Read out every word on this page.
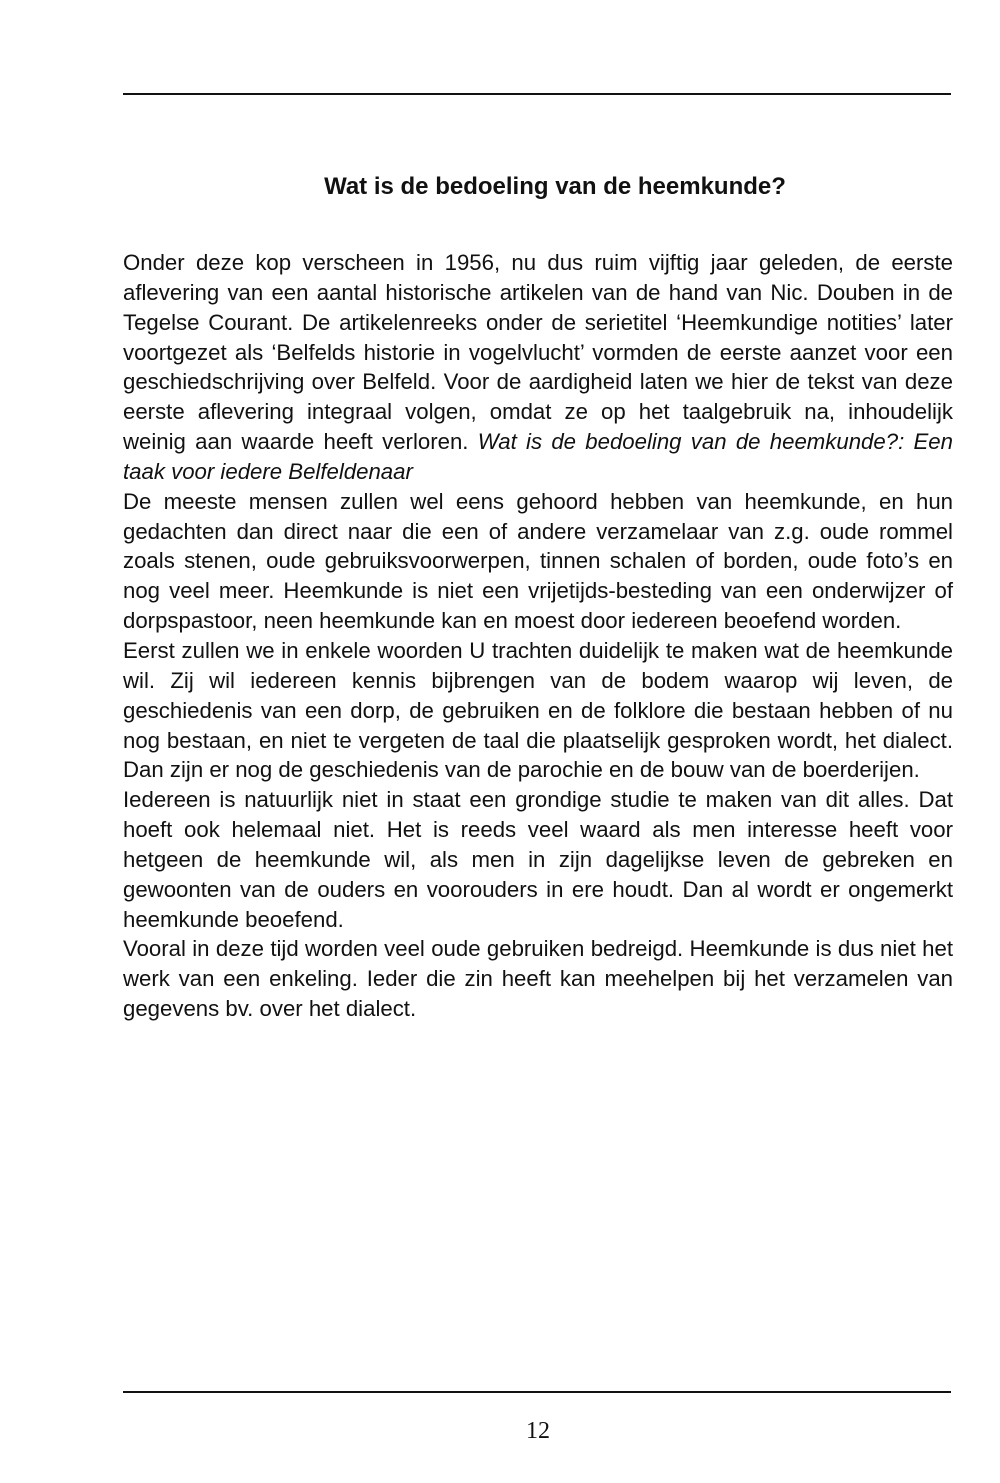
Wat is de bedoeling van de heemkunde?

Onder deze kop verscheen in 1956, nu dus ruim vijftig jaar geleden, de eerste aflevering van een aantal historische artikelen van de hand van Nic. Douben in de Tegelse Courant. De artikelenreeks onder de serietitel ‘Heemkundige notities’ later voortgezet als ‘Belfelds historie in vogelvlucht’ vormden de eerste aanzet voor een geschiedschrijving over Belfeld. Voor de aardigheid laten we hier de tekst van deze eerste aflevering integraal volgen, omdat ze op het taalgebruik na, inhoudelijk weinig aan waarde heeft verloren. Wat is de bedoeling van de heemkunde?: Een taak voor iedere Belfeldenaar

De meeste mensen zullen wel eens gehoord hebben van heemkunde, en hun gedachten dan direct naar die een of andere verzamelaar van z.g. oude rommel zoals stenen, oude gebruiksvoorwerpen, tinnen schalen of borden, oude foto’s en nog veel meer. Heemkunde is niet een vrijetijds-besteding van een onderwijzer of dorpspastoor, neen heemkunde kan en moest door iedereen beoefend worden.

Eerst zullen we in enkele woorden U trachten duidelijk te maken wat de heemkunde wil. Zij wil iedereen kennis bijbrengen van de bodem waarop wij leven, de geschiedenis van een dorp, de gebruiken en de folklore die bestaan hebben of nu nog bestaan, en niet te vergeten de taal die plaatselijk gesproken wordt, het dialect. Dan zijn er nog de geschiedenis van de parochie en de bouw van de boerderijen.

Iedereen is natuurlijk niet in staat een grondige studie te maken van dit alles. Dat hoeft ook helemaal niet. Het is reeds veel waard als men interesse heeft voor hetgeen de heemkunde wil, als men in zijn dagelijkse leven de gebreken en gewoonten van de ouders en voorouders in ere houdt. Dan al wordt er ongemerkt heemkunde beoefend.

Vooral in deze tijd worden veel oude gebruiken bedreigd. Heemkunde is dus niet het werk van een enkeling. Ieder die zin heeft kan meehelpen bij het verzamelen van gegevens bv. over het dialect.

12
